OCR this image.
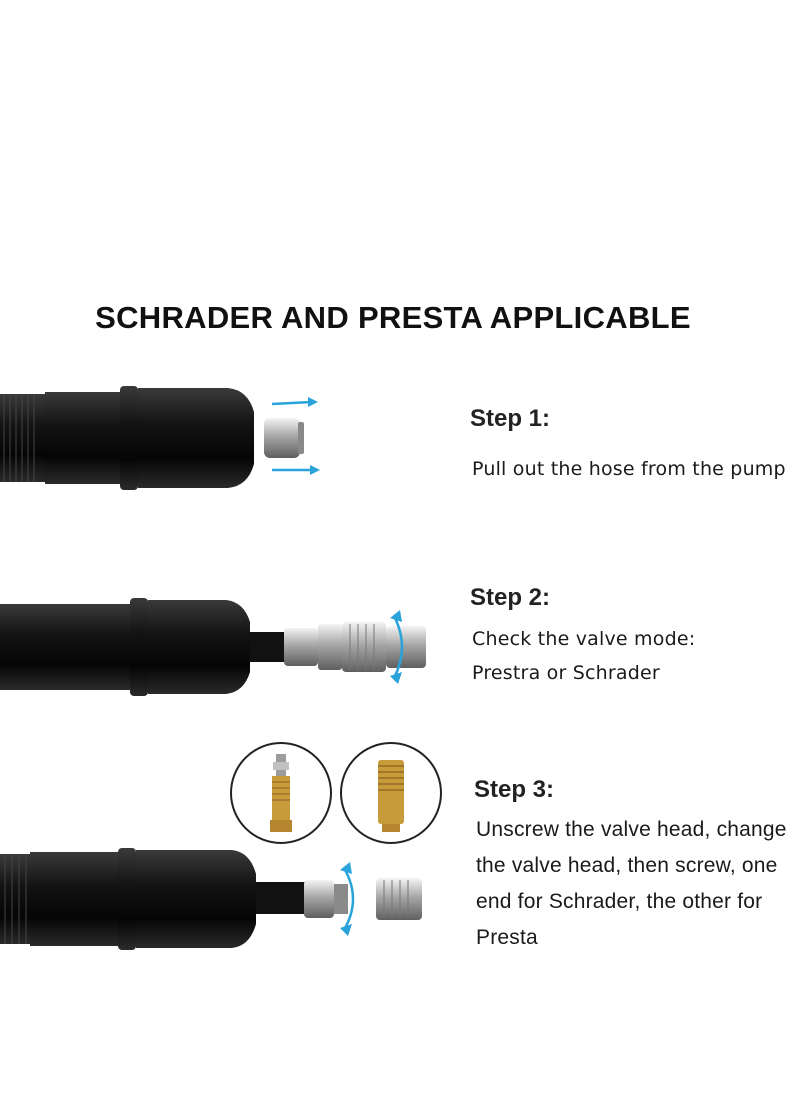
SCHRADER AND PRESTA APPLICABLE
Step 1:
Pull out the hose from the pump
Step 2:
Check the valve mode:
Prestra or Schrader
Step 3:
Unscrew the valve head, change
the valve head, then screw, one
end for Schrader, the other for
Presta
